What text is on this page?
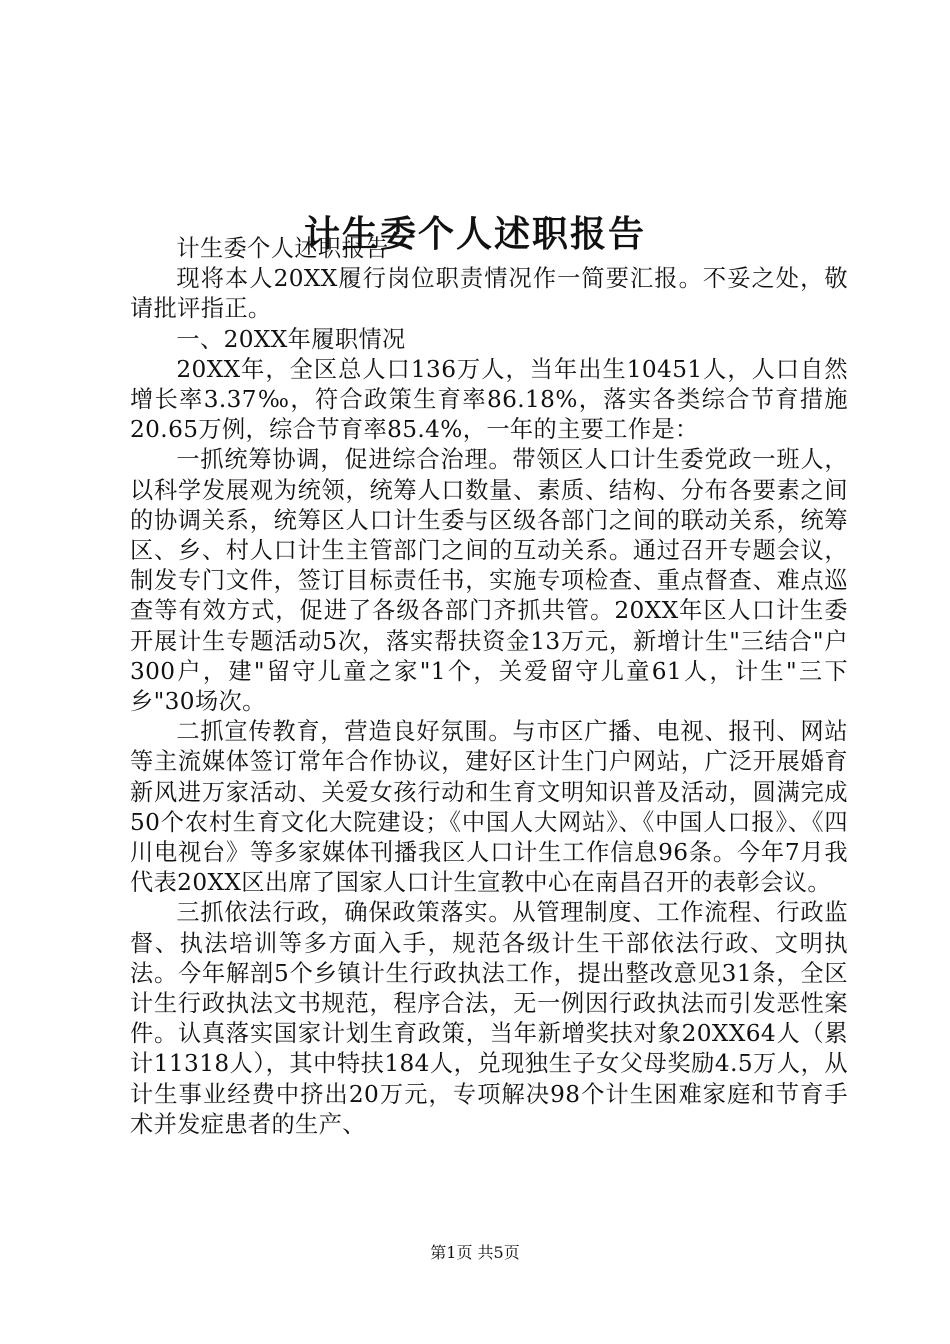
计生委个人述职报告

计生委个人述职报告

现将本人20XX履行岗位职责情况作一简要汇报。不妥之处，敬请批评指正。

一、20XX年履职情况

20XX年，全区总人口136万人，当年出生10451人，人口自然增长率3.37‰，符合政策生育率86.18%，落实各类综合节育措施20.65万例，综合节育率85.4%，一年的主要工作是：

一抓统筹协调，促进综合治理。带领区人口计生委党政一班人，以科学发展观为统领，统筹人口数量、素质、结构、分布各要素之间的协调关系，统筹区人口计生委与区级各部门之间的联动关系，统筹区、乡、村人口计生主管部门之间的互动关系。通过召开专题会议，制发专门文件，签订目标责任书，实施专项检查、重点督查、难点巡查等有效方式，促进了各级各部门齐抓共管。20XX年区人口计生委开展计生专题活动5次，落实帮扶资金13万元，新增计生"三结合"户300户，建"留守儿童之家"1个，关爱留守儿童61人，计生"三下乡"30场次。

二抓宣传教育，营造良好氛围。与市区广播、电视、报刊、网站等主流媒体签订常年合作协议，建好区计生门户网站，广泛开展婚育新风进万家活动、关爱女孩行动和生育文明知识普及活动，圆满完成50个农村生育文化大院建设；《中国人大网站》、《中国人口报》、《四川电视台》等多家媒体刊播我区人口计生工作信息96条。今年7月我代表20XX区出席了国家人口计生宣教中心在南昌召开的表彰会议。

三抓依法行政，确保政策落实。从管理制度、工作流程、行政监督、执法培训等多方面入手，规范各级计生干部依法行政、文明执法。今年解剖5个乡镇计生行政执法工作，提出整改意见31条，全区计生行政执法文书规范，程序合法，无一例因行政执法而引发恶性案件。认真落实国家计划生育政策，当年新增奖扶对象20XX64人（累计11318人），其中特扶184人，兑现独生子女父母奖励4.5万人，从计生事业经费中挤出20万元，专项解决98个计生困难家庭和节育手术并发症患者的生产、

第1页 共5页
